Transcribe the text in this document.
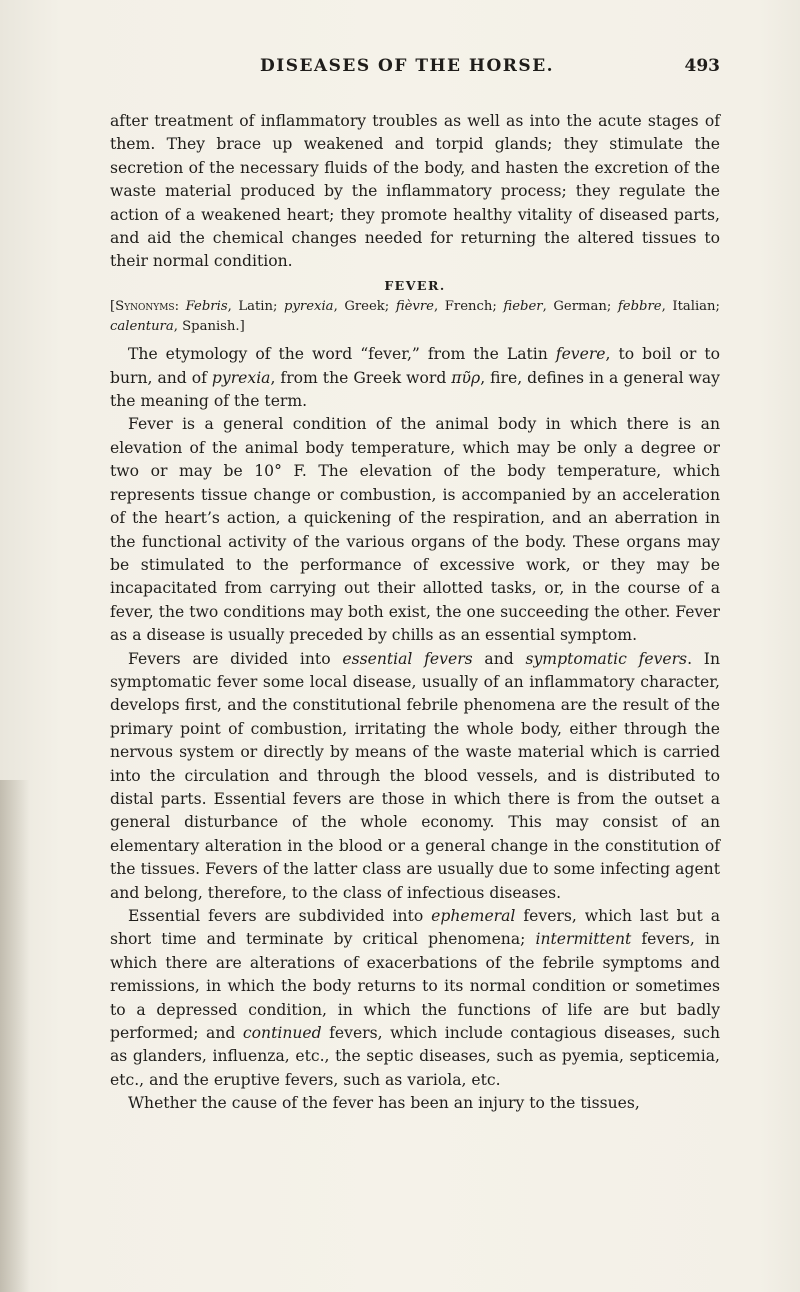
DISEASES OF THE HORSE.	493

after treatment of inflammatory troubles as well as into the acute stages of them. They brace up weakened and torpid glands; they stimulate the secretion of the necessary fluids of the body, and hasten the excretion of the waste material produced by the inflammatory process; they regulate the action of a weakened heart; they promote healthy vitality of diseased parts, and aid the chemical changes needed for returning the altered tissues to their normal condition.

FEVER.

[Synonyms: Febris, Latin; pyrexia, Greek; fièvre, French; fieber, German; febbre, Italian; calentura, Spanish.]

The etymology of the word “fever,” from the Latin fevere, to boil or to burn, and of pyrexia, from the Greek word πῦρ, fire, defines in a general way the meaning of the term.

Fever is a general condition of the animal body in which there is an elevation of the animal body temperature, which may be only a degree or two or may be 10° F. The elevation of the body temperature, which represents tissue change or combustion, is accompanied by an acceleration of the heart’s action, a quickening of the respiration, and an aberration in the functional activity of the various organs of the body. These organs may be stimulated to the performance of excessive work, or they may be incapacitated from carrying out their allotted tasks, or, in the course of a fever, the two conditions may both exist, the one succeeding the other. Fever as a disease is usually preceded by chills as an essential symptom.

Fevers are divided into essential fevers and symptomatic fevers. In symptomatic fever some local disease, usually of an inflammatory character, develops first, and the constitutional febrile phenomena are the result of the primary point of combustion, irritating the whole body, either through the nervous system or directly by means of the waste material which is carried into the circulation and through the blood vessels, and is distributed to distal parts. Essential fevers are those in which there is from the outset a general disturbance of the whole economy. This may consist of an elementary alteration in the blood or a general change in the constitution of the tissues. Fevers of the latter class are usually due to some infecting agent and belong, therefore, to the class of infectious diseases.

Essential fevers are subdivided into ephemeral fevers, which last but a short time and terminate by critical phenomena; intermittent fevers, in which there are alterations of exacerbations of the febrile symptoms and remissions, in which the body returns to its normal condition or sometimes to a depressed condition, in which the functions of life are but badly performed; and continued fevers, which include contagious diseases, such as glanders, influenza, etc., the septic diseases, such as pyemia, septicemia, etc., and the eruptive fevers, such as variola, etc.

Whether the cause of the fever has been an injury to the tissues,
